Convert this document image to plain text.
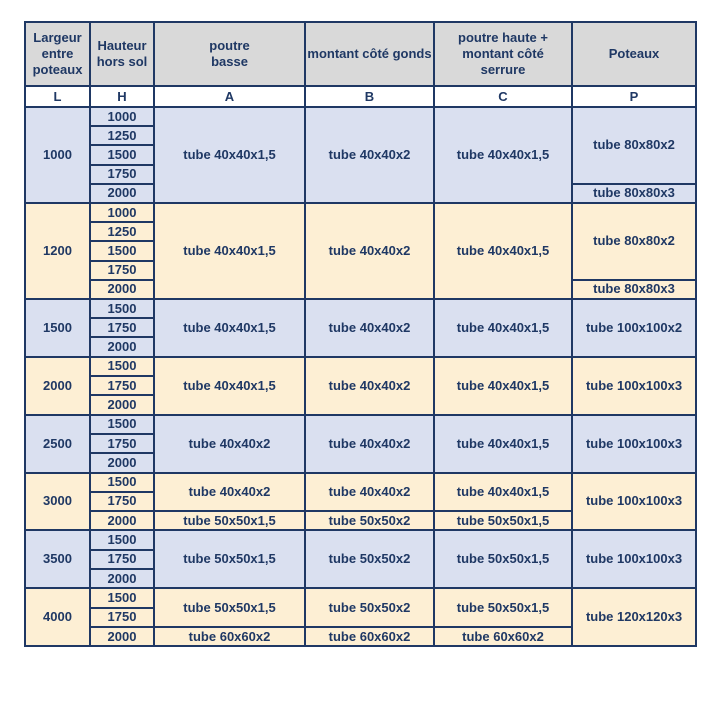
Largeur entre poteaux	Hauteur hors sol	poutre basse	montant côté gonds	poutre haute + montant côté serrure	Poteaux
L	H	A	B	C	P
1000	1000	tube 40x40x1,5	tube 40x40x2	tube 40x40x1,5	tube 80x80x2
	1250				
	1500				
	1750				
	2000				tube 80x80x3
1200	1000	tube 40x40x1,5	tube 40x40x2	tube 40x40x1,5	tube 80x80x2
	1250				
	1500				
	1750				
	2000				tube 80x80x3
1500	1500	tube 40x40x1,5	tube 40x40x2	tube 40x40x1,5	tube 100x100x2
	1750				
	2000				
2000	1500	tube 40x40x1,5	tube 40x40x2	tube 40x40x1,5	tube 100x100x3
	1750				
	2000				
2500	1500	tube 40x40x2	tube 40x40x2	tube 40x40x1,5	tube 100x100x3
	1750				
	2000				
3000	1500	tube 40x40x2	tube 40x40x2	tube 40x40x1,5	tube 100x100x3
	1750				
	2000	tube 50x50x1,5	tube 50x50x2	tube 50x50x1,5	
3500	1500	tube 50x50x1,5	tube 50x50x2	tube 50x50x1,5	tube 100x100x3
	1750				
	2000				
4000	1500	tube 50x50x1,5	tube 50x50x2	tube 50x50x1,5	tube 120x120x3
	1750				
	2000	tube 60x60x2	tube 60x60x2	tube 60x60x2	
